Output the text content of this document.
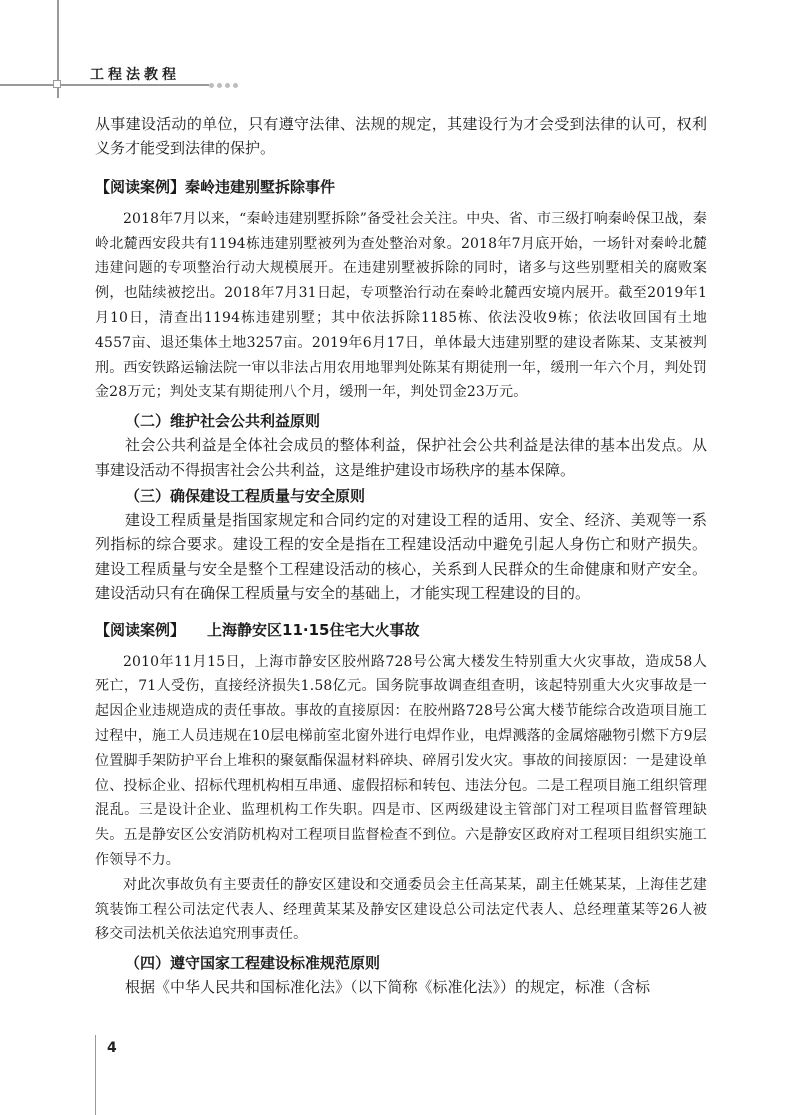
工程法教程

从事建设活动的单位，只有遵守法律、法规的规定，其建设行为才会受到法律的认可，权利义务才能受到法律的保护。

【阅读案例】秦岭违建别墅拆除事件

2018年7月以来，“秦岭违建别墅拆除”备受社会关注。中央、省、市三级打响秦岭保卫战，秦岭北麓西安段共有1194栋违建别墅被列为查处整治对象。2018年7月底开始，一场针对秦岭北麓违建问题的专项整治行动大规模展开。在违建别墅被拆除的同时，诸多与这些别墅相关的腐败案例，也陆续被挖出。2018年7月31日起，专项整治行动在秦岭北麓西安境内展开。截至2019年1月10日，清查出1194栋违建别墅；其中依法拆除1185栋、依法没收9栋；依法收回国有土地4557亩、退还集体土地3257亩。2019年6月17日，单体最大违建别墅的建设者陈某、支某被判刑。西安铁路运输法院一审以非法占用农用地罪判处陈某有期徒刑一年，缓刑一年六个月，判处罚金28万元；判处支某有期徒刑八个月，缓刑一年，判处罚金23万元。

（二）维护社会公共利益原则

社会公共利益是全体社会成员的整体利益，保护社会公共利益是法律的基本出发点。从事建设活动不得损害社会公共利益，这是维护建设市场秩序的基本保障。

（三）确保建设工程质量与安全原则

建设工程质量是指国家规定和合同约定的对建设工程的适用、安全、经济、美观等一系列指标的综合要求。建设工程的安全是指在工程建设活动中避免引起人身伤亡和财产损失。建设工程质量与安全是整个工程建设活动的核心，关系到人民群众的生命健康和财产安全。建设活动只有在确保工程质量与安全的基础上，才能实现工程建设的目的。

【阅读案例】 上海静安区11·15住宅大火事故

2010年11月15日，上海市静安区胶州路728号公寓大楼发生特别重大火灾事故，造成58人死亡，71人受伤，直接经济损失1.58亿元。国务院事故调查组查明，该起特别重大火灾事故是一起因企业违规造成的责任事故。事故的直接原因：在胶州路728号公寓大楼节能综合改造项目施工过程中，施工人员违规在10层电梯前室北窗外进行电焊作业，电焊溅落的金属熔融物引燃下方9层位置脚手架防护平台上堆积的聚氨酯保温材料碎块、碎屑引发火灾。事故的间接原因：一是建设单位、投标企业、招标代理机构相互串通、虚假招标和转包、违法分包。二是工程项目施工组织管理混乱。三是设计企业、监理机构工作失职。四是市、区两级建设主管部门对工程项目监督管理缺失。五是静安区公安消防机构对工程项目监督检查不到位。六是静安区政府对工程项目组织实施工作领导不力。

对此次事故负有主要责任的静安区建设和交通委员会主任高某某，副主任姚某某，上海佳艺建筑装饰工程公司法定代表人、经理黄某某及静安区建设总公司法定代表人、总经理董某等26人被移交司法机关依法追究刑事责任。

（四）遵守国家工程建设标准规范原则

根据《中华人民共和国标准化法》（以下简称《标准化法》）的规定，标准（含标

4
